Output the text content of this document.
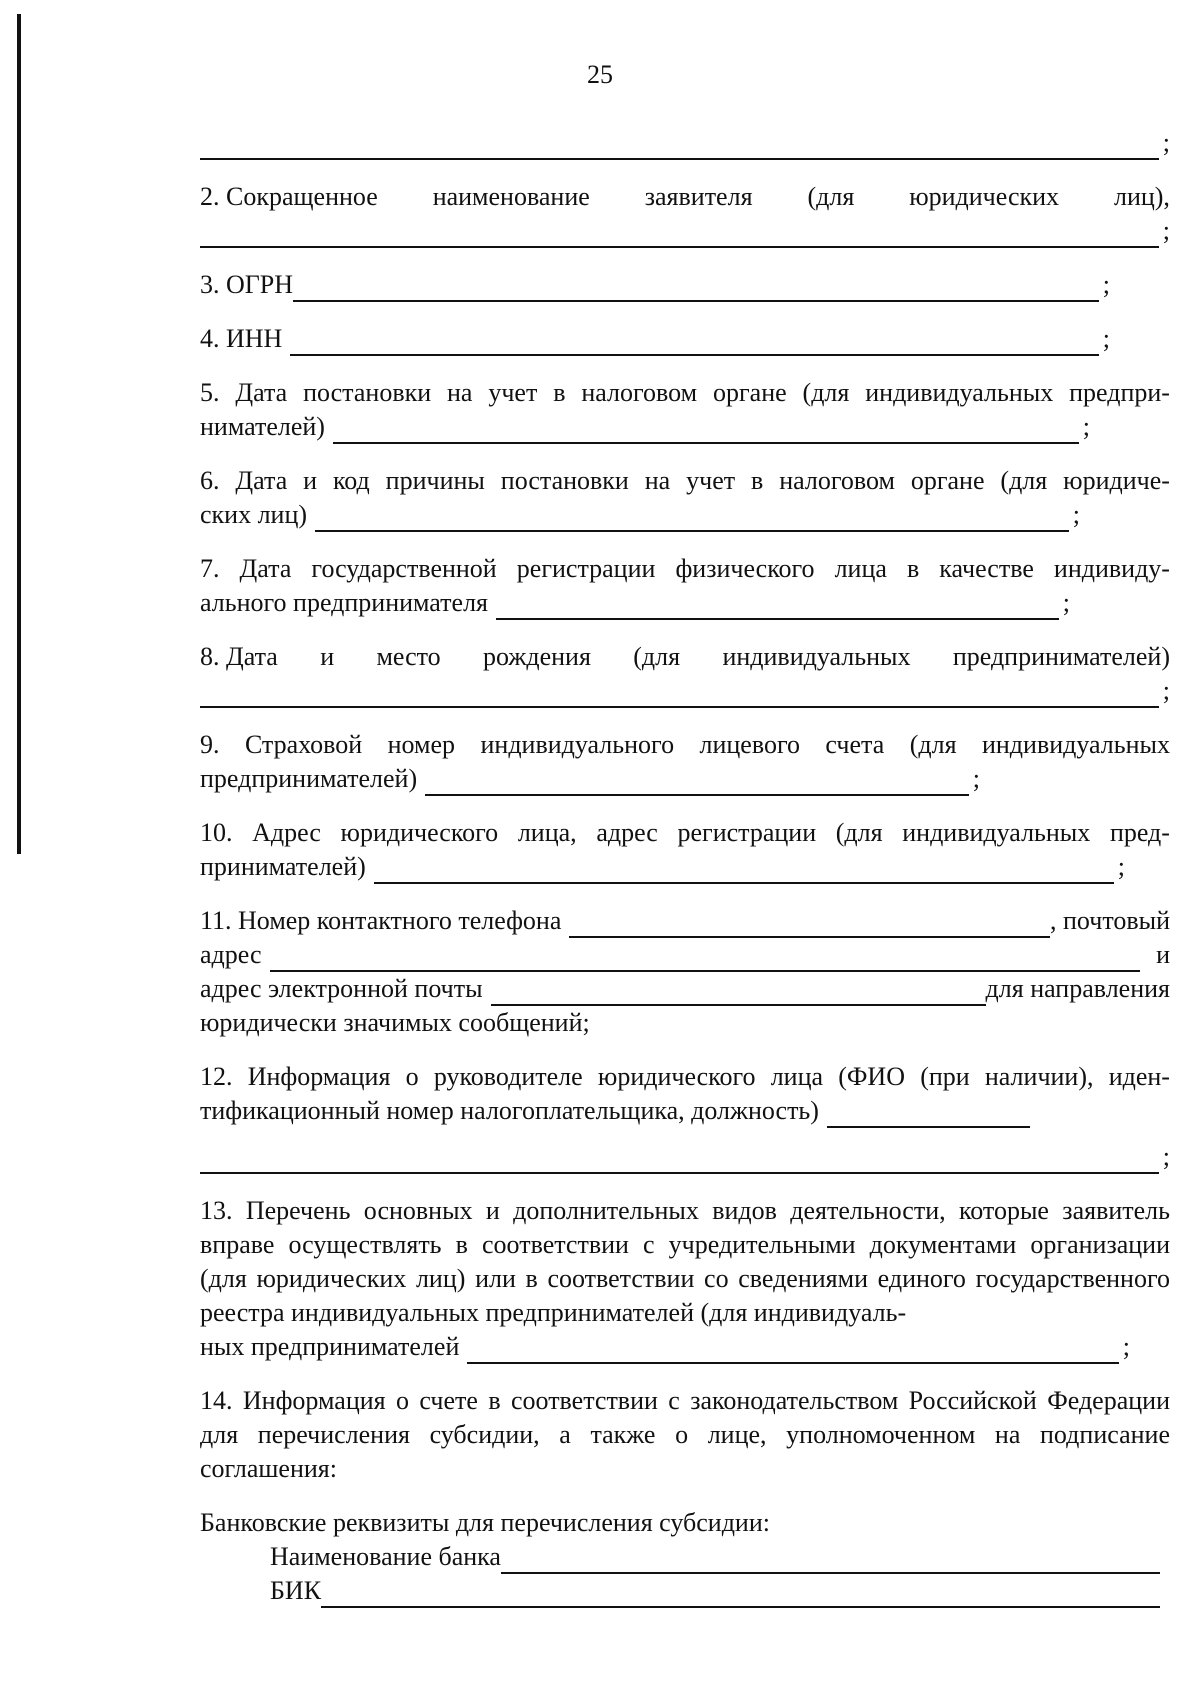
25
;
2. Сокращенное наименование заявителя (для юридических лиц),
;
3. ОГРН	;
4. ИНН	;
5. Дата постановки на учет в налоговом органе (для индивидуальных предпри-
нимателей)	;
6. Дата и код причины постановки на учет в налоговом органе (для юридиче-
ских лиц)	;
7. Дата государственной регистрации физического лица в качестве индивиду-
ального предпринимателя	;
8. Дата и место рождения (для индивидуальных предпринимателей)
;
9. Страховой номер индивидуального лицевого счета (для индивидуальных
предпринимателей)	;
10. Адрес юридического лица, адрес регистрации (для индивидуальных пред-
принимателей)	;
11. Номер контактного телефона	, почтовый
адрес	и
адрес электронной почты	для направления
юридически значимых сообщений;
12. Информация о руководителе юридического лица (ФИО (при наличии), иден-
тификационный номер налогоплательщика, должность)
;
13. Перечень основных и дополнительных видов деятельности, которые заявитель вправе осуществлять в соответствии с учредительными документами организации (для юридических лиц) или в соответствии со сведениями единого государственного реестра индивидуальных предпринимателей (для индивидуаль-
ных предпринимателей	;
14. Информация о счете в соответствии с законодательством Российской Федерации для перечисления субсидии, а также о лице, уполномоченном на подписание соглашения:
Банковские реквизиты для перечисления субсидии:
Наименование банка
БИК
